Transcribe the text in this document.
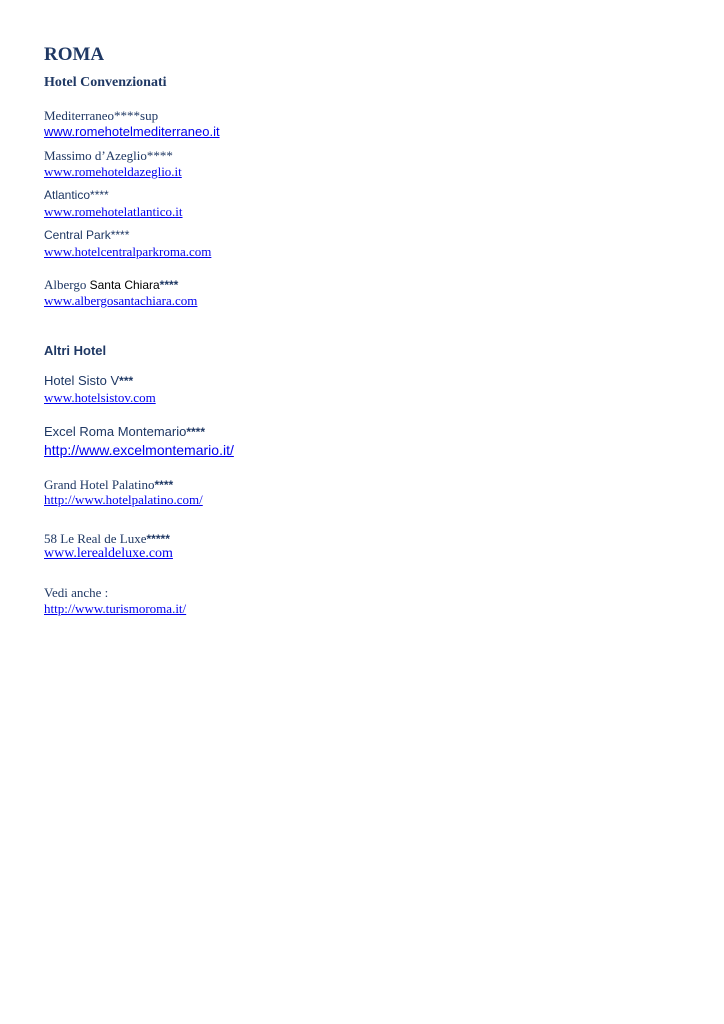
ROMA
Hotel Convenzionati
Mediterraneo****sup
www.romehotelmediterraneo.it
Massimo d’Azeglio****
www.romehoteldazeglio.it
Atlantico****
www.romehotelatlantico.it
Central Park****
www.hotelcentralparkroma.com
Albergo Santa Chiara****
www.albergosantachiara.com
Altri Hotel
Hotel Sisto V***
www.hotelsistov.com
Excel Roma Montemario****
http://www.excelmontemario.it/
Grand Hotel Palatino****
http://www.hotelpalatino.com/
58 Le Real de Luxe*****
www.lerealdeluxe.com
Vedi anche :
http://www.turismoroma.it/
